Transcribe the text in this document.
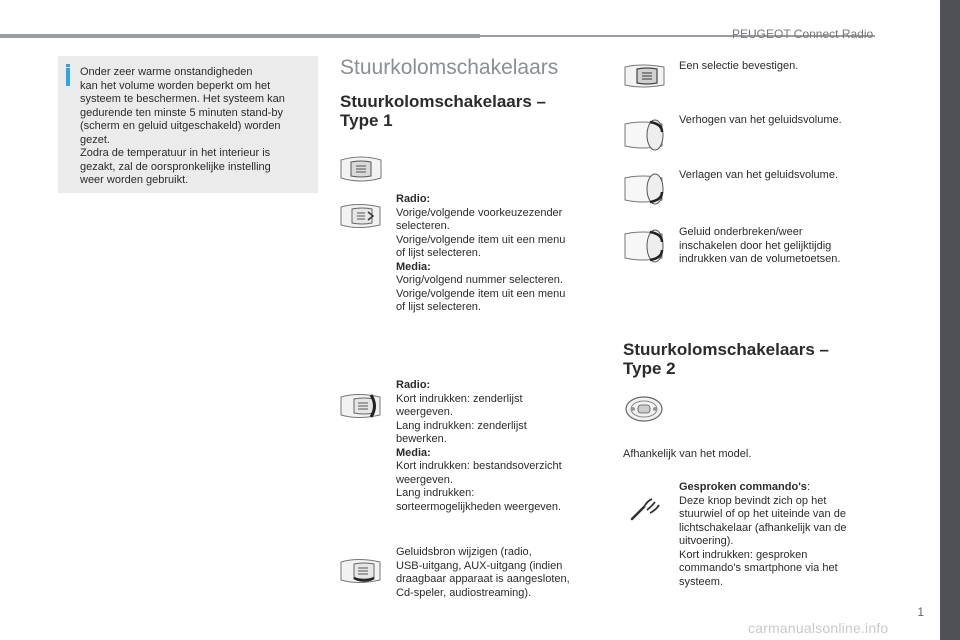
PEUGEOT Connect Radio

Onder zeer warme onstandigheden

kan het volume worden beperkt om het

systeem te beschermen. Het systeem kan

gedurende ten minste 5 minuten stand-by

(scherm en geluid uitgeschakeld) worden

gezet.

Zodra de temperatuur in het interieur is

gezakt, zal de oorspronkelijke instelling

weer worden gebruikt.

Stuurkolomschakelaars
Stuurkolomschakelaars –
Type 1
Stuurkolomschakelaars –
Type 2

Radio:

Vorige/volgende voorkeuzezender

selecteren.

Vorige/volgende item uit een menu

of lijst selecteren.

Media:

Vorig/volgend nummer selecteren.

Vorige/volgende item uit een menu

of lijst selecteren.

Radio:

Kort indrukken: zenderlijst

weergeven.

Lang indrukken: zenderlijst

bewerken.

Media:

Kort indrukken: bestandsoverzicht

weergeven.

Lang indrukken:

sorteermogelijkheden weergeven.

Geluidsbron wijzigen (radio,

USB-uitgang, AUX-uitgang (indien

draagbaar apparaat is aangesloten,

Cd-speler, audiostreaming).

Een selectie bevestigen.
Verhogen van het geluidsvolume.
Verlagen van het geluidsvolume.

Geluid onderbreken/weer

inschakelen door het gelijktijdig

indrukken van de volumetoetsen.

Afhankelijk van het model.

Gesproken commando's:

Deze knop bevindt zich op het

stuurwiel of op het uiteinde van de

lichtschakelaar (afhankelijk van de

uitvoering).

Kort indrukken: gesproken

commando's smartphone via het

systeem.

1
carmanualsonline.info
